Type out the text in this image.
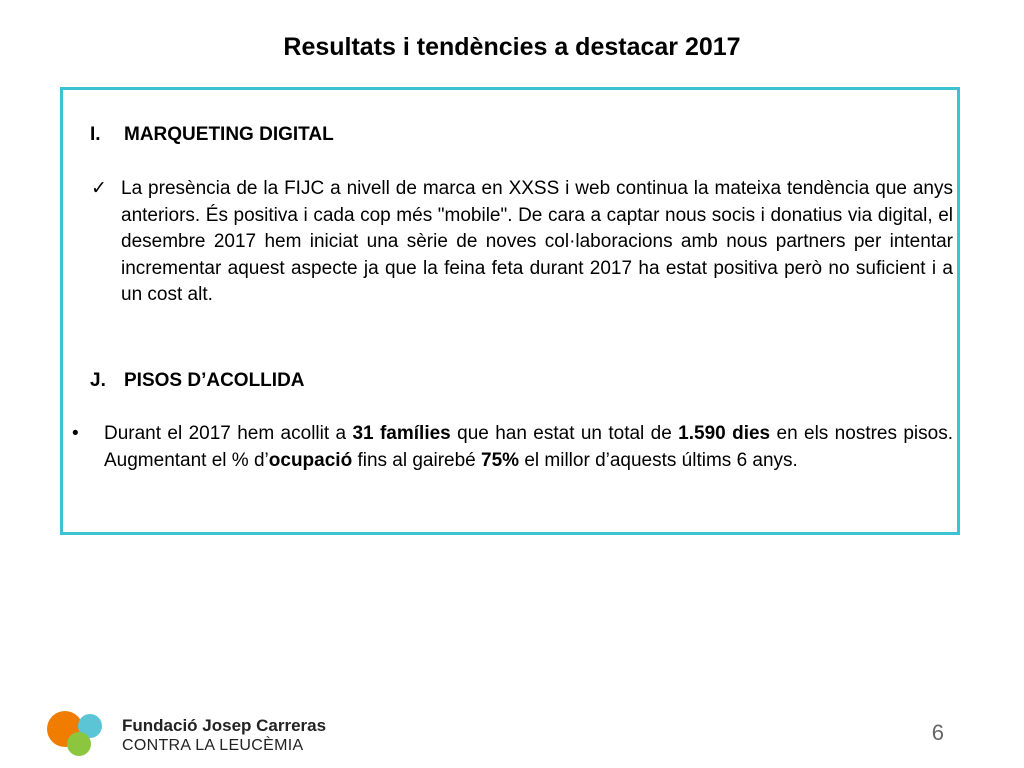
Resultats i tendències a destacar 2017
I. MARQUETING DIGITAL
✓ La presència de la FIJC a nivell de marca en XXSS i web continua la mateixa tendència que anys anteriors. És positiva i cada cop més "mobile". De cara a captar nous socis i donatius via digital, el desembre 2017 hem iniciat una sèrie de noves col·laboracions amb nous partners per intentar incrementar aquest aspecte ja que la feina feta durant 2017 ha estat positiva però no suficient i a un cost alt.
J. PISOS D’ACOLLIDA
• Durant el 2017 hem acollit a 31 famílies que han estat un total de 1.590 dies en els nostres pisos. Augmentant el % d’ocupació fins al gairebé 75% el millor d’aquests últims 6 anys.
Fundació Josep Carreras
CONTRA LA LEUCÈMIA
6
